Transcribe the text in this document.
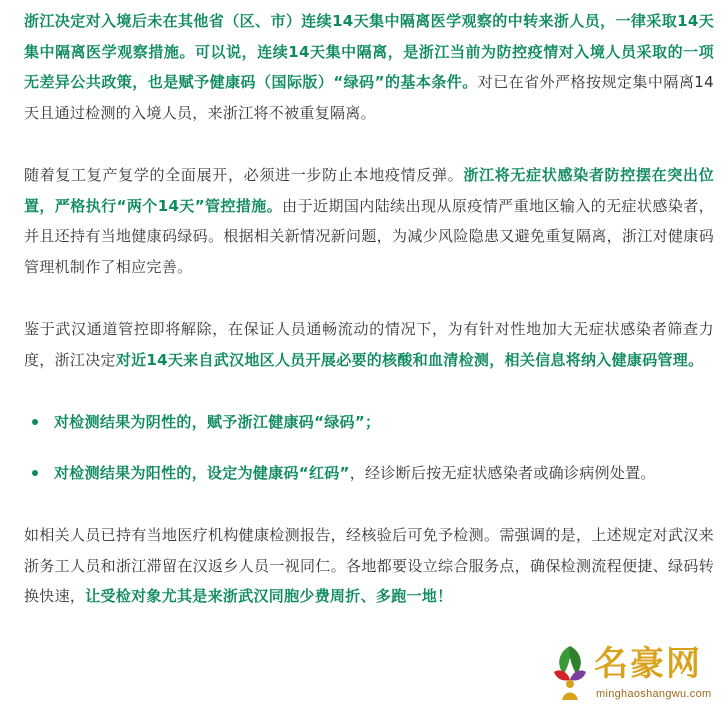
浙江决定对入境后未在其他省（区、市）连续14天集中隔离医学观察的中转来浙人员，一律采取14天集中隔离医学观察措施。可以说，连续14天集中隔离，是浙江当前为防控疫情对入境人员采取的一项无差异公共政策，也是赋予健康码（国际版）“绿码”的基本条件。对已在省外严格按规定集中隔离14天且通过检测的入境人员，来浙江将不被重复隔离。

随着复工复产复学的全面展开，必须进一步防止本地疫情反弹。浙江将无症状感染者防控摆在突出位置，严格执行“两个14天”管控措施。由于近期国内陆续出现从原疫情严重地区输入的无症状感染者，并且还持有当地健康码绿码。根据相关新情况新问题，为减少风险隐患又避免重复隔离，浙江对健康码管理机制作了相应完善。

鉴于武汉通道管控即将解除，在保证人员通畅流动的情况下，为有针对性地加大无症状感染者筛查力度，浙江决定对近14天来自武汉地区人员开展必要的核酸和血清检测，相关信息将纳入健康码管理。

对检测结果为阴性的，赋予浙江健康码“绿码”；
对检测结果为阳性的，设定为健康码“红码”，经诊断后按无症状感染者或确诊病例处置。

如相关人员已持有当地医疗机构健康检测报告，经核验后可免予检测。需强调的是，上述规定对武汉来浙务工人员和浙江滞留在汉返乡人员一视同仁。各地都要设立综合服务点，确保检测流程便捷、绿码转换快速，让受检对象尤其是来浙武汉同胞少费周折、多跑一地！

名豪网
minghaoshangwu.com
